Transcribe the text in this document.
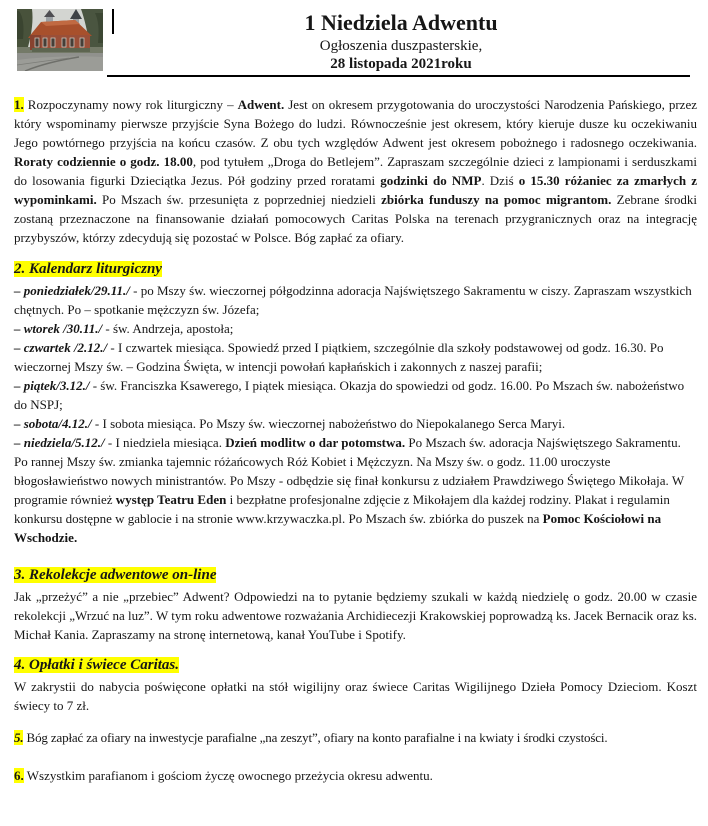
1 Niedziela Adwentu
Ogłoszenia duszpasterskie,
28 listopada 2021roku

1. Rozpoczynamy nowy rok liturgiczny – Adwent. Jest on okresem przygotowania do uroczystości Narodzenia Pańskiego, przez który wspominamy pierwsze przyjście Syna Bożego do ludzi. Równocześnie jest okresem, który kieruje dusze ku oczekiwaniu Jego powtórnego przyjścia na końcu czasów. Z obu tych względów Adwent jest okresem pobożnego i radosnego oczekiwania. Roraty codziennie o godz. 18.00, pod tytułem „Droga do Betlejem”. Zapraszam szczególnie dzieci z lampionami i serduszkami do losowania figurki Dzieciątka Jezus. Pół godziny przed roratami godzinki do NMP. Dziś o 15.30 różaniec za zmarłych z wypominkami. Po Mszach św. przesunięta z poprzedniej niedzieli zbiórka funduszy na pomoc migrantom. Zebrane środki zostaną przeznaczone na finansowanie działań pomocowych Caritas Polska na terenach przygranicznych oraz na integrację przybyszów, którzy zdecydują się pozostać w Polsce. Bóg zapłać za ofiary.

2. Kalendarz liturgiczny

– poniedziałek/29.11./ - po Mszy św. wieczornej półgodzinna adoracja Najświętszego Sakramentu w ciszy. Zapraszam wszystkich chętnych. Po – spotkanie mężczyzn św. Józefa;

– wtorek /30.11./ - św. Andrzeja, apostoła;

– czwartek /2.12./ - I czwartek miesiąca. Spowiedź przed I piątkiem, szczególnie dla szkoły podstawowej od godz. 16.30. Po wieczornej Mszy św. – Godzina Święta, w intencji powołań kapłańskich i zakonnych z naszej parafii;

– piątek/3.12./ - św. Franciszka Ksawerego, I piątek miesiąca. Okazja do spowiedzi od godz. 16.00. Po Mszach św. nabożeństwo do NSPJ;

– sobota/4.12./ - I sobota miesiąca. Po Mszy św. wieczornej nabożeństwo do Niepokalanego Serca Maryi.

– niedziela/5.12./ - I niedziela miesiąca. Dzień modlitw o dar potomstwa. Po Mszach św. adoracja Najświętszego Sakramentu. Po rannej Mszy św. zmianka tajemnic różańcowych Róż Kobiet i Mężczyzn. Na Mszy św. o godz. 11.00 uroczyste błogosławieństwo nowych ministrantów. Po Mszy - odbędzie się finał konkursu z udziałem Prawdziwego Świętego Mikołaja. W programie również występ Teatru Eden i bezpłatne profesjonalne zdjęcie z Mikołajem dla każdej rodziny. Plakat i regulamin konkursu dostępne w gablocie i na stronie www.krzywaczka.pl. Po Mszach św. zbiórka do puszek na Pomoc Kościołowi na Wschodzie.

3. Rekolekcje adwentowe on-line

Jak „przeżyć” a nie „przebiec” Adwent? Odpowiedzi na to pytanie będziemy szukali w każdą niedzielę o godz. 20.00 w czasie rekolekcji „Wrzuć na luz”. W tym roku adwentowe rozważania Archidiecezji Krakowskiej poprowadzą ks. Jacek Bernacik oraz ks. Michał Kania. Zapraszamy na stronę internetową, kanał YouTube i Spotify.

4. Opłatki i świece Caritas.

W zakrystii do nabycia poświęcone opłatki na stół wigilijny oraz świece Caritas Wigilijnego Dzieła Pomocy Dzieciom. Koszt świecy to 7 zł.

5. Bóg zapłać za ofiary na inwestycje parafialne „na zeszyt”, ofiary na konto parafialne i na kwiaty i środki czystości.

6. Wszystkim parafianom i gościom życzę owocnego przeżycia okresu adwentu.
